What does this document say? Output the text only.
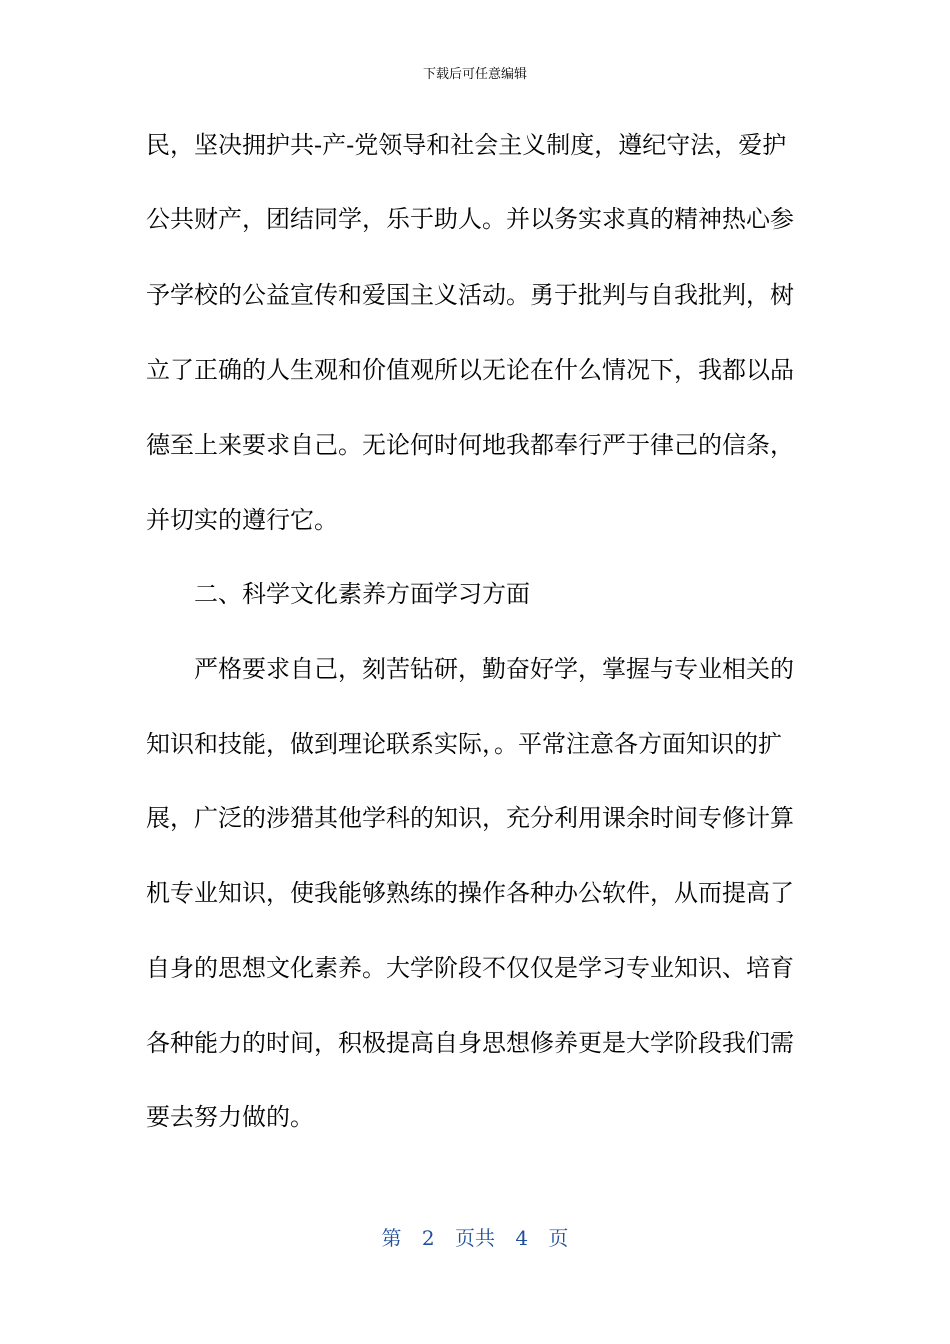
下载后可任意编辑
民，坚决拥护共-产-党领导和社会主义制度，遵纪守法，爱护
公共财产，团结同学，乐于助人。并以务实求真的精神热心参
予学校的公益宣传和爱国主义活动。勇于批判与自我批判，树
立了正确的人生观和价值观所以无论在什么情况下，我都以品
德至上来要求自己。无论何时何地我都奉行严于律己的信条，
并切实的遵行它。
二、科学文化素养方面学习方面
严格要求自己，刻苦钻研，勤奋好学，掌握与专业相关的
知识和技能，做到理论联系实际，。平常注意各方面知识的扩
展，广泛的涉猎其他学科的知识，充分利用课余时间专修计算
机专业知识，使我能够熟练的操作各种办公软件，从而提高了
自身的思想文化素养。大学阶段不仅仅是学习专业知识、培育
各种能力的时间，积极提高自身思想修养更是大学阶段我们需
要去努力做的。
第 2 页共 4 页
